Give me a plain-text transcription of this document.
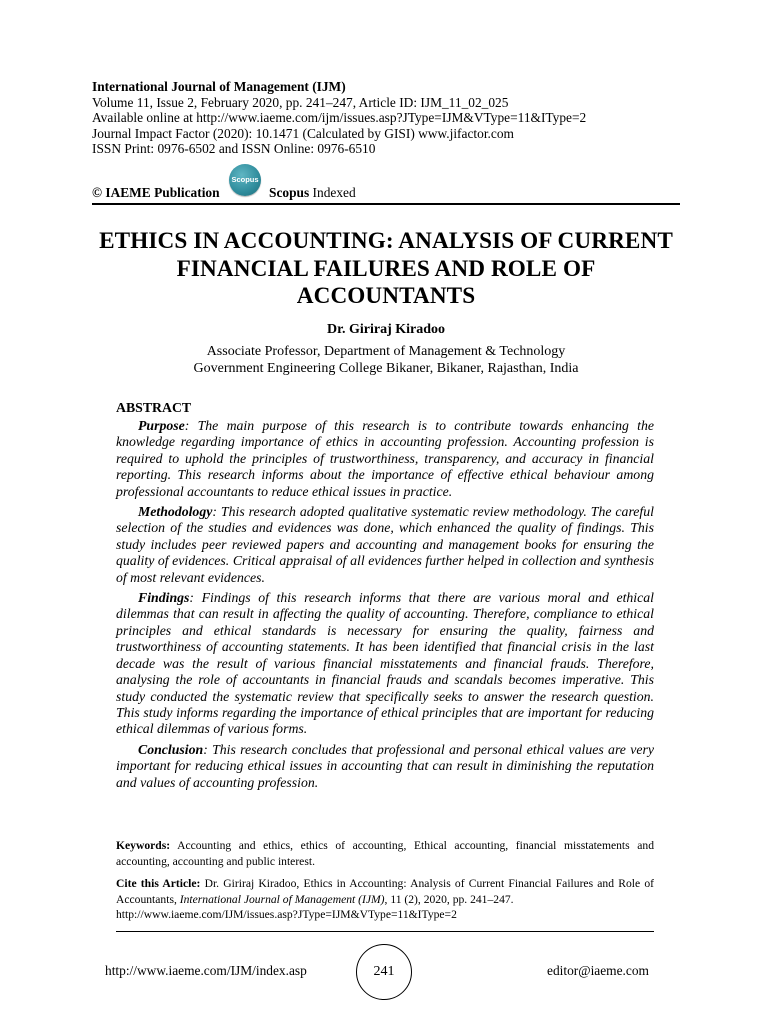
International Journal of Management (IJM)
Volume 11, Issue 2, February 2020, pp. 241–247, Article ID: IJM_11_02_025
Available online at http://www.iaeme.com/ijm/issues.asp?JType=IJM&VType=11&IType=2
Journal Impact Factor (2020): 10.1471 (Calculated by GISI) www.jifactor.com
ISSN Print: 0976-6502 and ISSN Online: 0976-6510
© IAEME Publication
Scopus
Scopus Indexed
ETHICS IN ACCOUNTING: ANALYSIS OF CURRENT FINANCIAL FAILURES AND ROLE OF ACCOUNTANTS
Dr. Giriraj Kiradoo
Associate Professor, Department of Management & Technology
Government Engineering College Bikaner, Bikaner, Rajasthan, India
ABSTRACT

Purpose: The main purpose of this research is to contribute towards enhancing the knowledge regarding importance of ethics in accounting profession. Accounting profession is required to uphold the principles of trustworthiness, transparency, and accuracy in financial reporting. This research informs about the importance of effective ethical behaviour among professional accountants to reduce ethical issues in practice.

Methodology: This research adopted qualitative systematic review methodology. The careful selection of the studies and evidences was done, which enhanced the quality of findings. This study includes peer reviewed papers and accounting and management books for ensuring the quality of evidences. Critical appraisal of all evidences further helped in collection and synthesis of most relevant evidences.

Findings: Findings of this research informs that there are various moral and ethical dilemmas that can result in affecting the quality of accounting. Therefore, compliance to ethical principles and ethical standards is necessary for ensuring the quality, fairness and trustworthiness of accounting statements. It has been identified that financial crisis in the last decade was the result of various financial misstatements and financial frauds. Therefore, analysing the role of accountants in financial frauds and scandals becomes imperative. This study conducted the systematic review that specifically seeks to answer the research question. This study informs regarding the importance of ethical principles that are important for reducing ethical dilemmas of various forms.

Conclusion: This research concludes that professional and personal ethical values are very important for reducing ethical issues in accounting that can result in diminishing the reputation and values of accounting profession.

Keywords: Accounting and ethics, ethics of accounting, Ethical accounting, financial misstatements and accounting, accounting and public interest.
Cite this Article: Dr. Giriraj Kiradoo, Ethics in Accounting: Analysis of Current Financial Failures and Role of Accountants, International Journal of Management (IJM), 11 (2), 2020, pp. 241–247.
http://www.iaeme.com/IJM/issues.asp?JType=IJM&VType=11&IType=2
http://www.iaeme.com/IJM/index.asp	241	editor@iaeme.com
